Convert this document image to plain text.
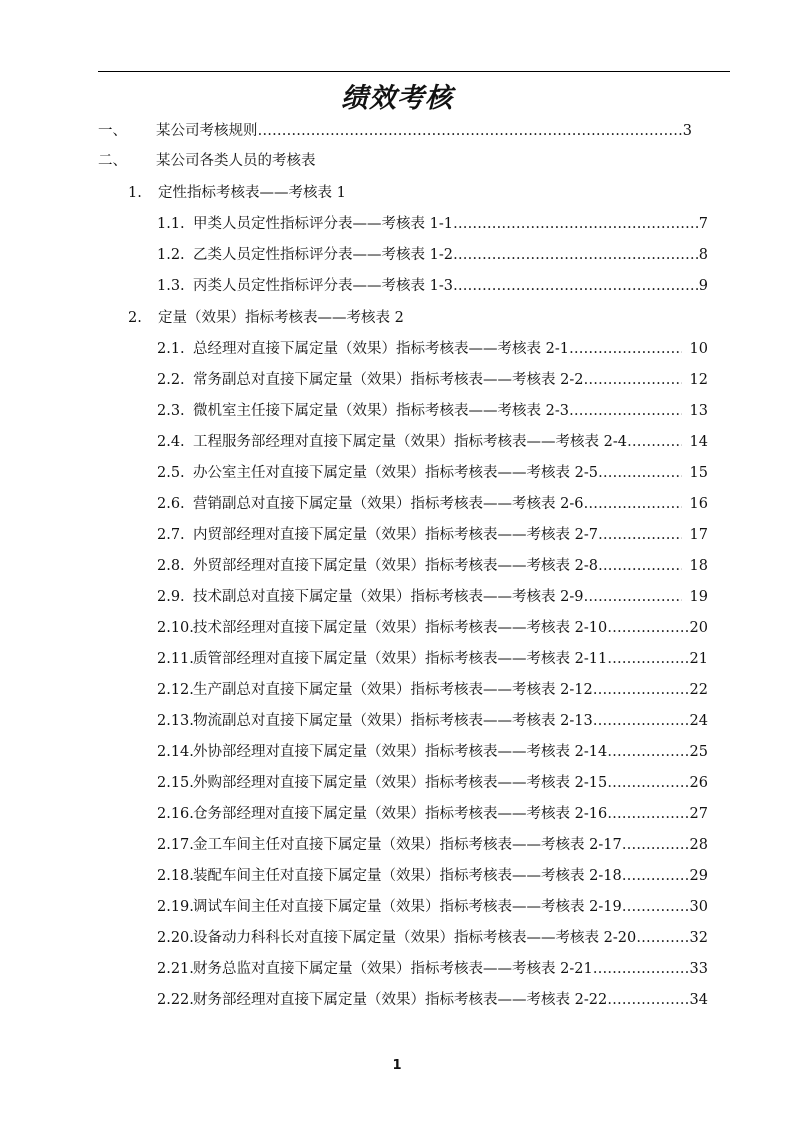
绩效考核
一、	某公司考核规则 …………………………………………………………………………………………………………………………………………………………………………	3
二、	某公司各类人员的考核表
1.	定性指标考核表——考核表 1
1.1. 甲类人员定性指标评分表——考核表 1-1 …………………………………………………………………………………………………………………………………………………………………………	7
1.2. 乙类人员定性指标评分表——考核表 1-2 …………………………………………………………………………………………………………………………………………………………………………	8
1.3. 丙类人员定性指标评分表——考核表 1-3 …………………………………………………………………………………………………………………………………………………………………………	9
2.	定量（效果）指标考核表——考核表 2
2.1. 总经理对直接下属定量（效果）指标考核表——考核表 2-1 …………………………………………………………………………………………………………………………………………………………………………	10
2.2. 常务副总对直接下属定量（效果）指标考核表——考核表 2-2 …………………………………………………………………………………………………………………………………………………………………………	12
2.3. 微机室主任接下属定量（效果）指标考核表——考核表 2-3 …………………………………………………………………………………………………………………………………………………………………………	13
2.4. 工程服务部经理对直接下属定量（效果）指标考核表——考核表 2-4 …………………………………………………………………………………………………………………………………………………………………………	14
2.5. 办公室主任对直接下属定量（效果）指标考核表——考核表 2-5 …………………………………………………………………………………………………………………………………………………………………………	15
2.6. 营销副总对直接下属定量（效果）指标考核表——考核表 2-6 …………………………………………………………………………………………………………………………………………………………………………	16
2.7. 内贸部经理对直接下属定量（效果）指标考核表——考核表 2-7 …………………………………………………………………………………………………………………………………………………………………………	17
2.8. 外贸部经理对直接下属定量（效果）指标考核表——考核表 2-8 …………………………………………………………………………………………………………………………………………………………………………	18
2.9. 技术副总对直接下属定量（效果）指标考核表——考核表 2-9 …………………………………………………………………………………………………………………………………………………………………………	19
2.10. 技术部经理对直接下属定量（效果）指标考核表——考核表 2-10 …………………………………………………………………………………………………………………………………………………………………………	20
2.11. 质管部经理对直接下属定量（效果）指标考核表——考核表 2-11 …………………………………………………………………………………………………………………………………………………………………………	21
2.12. 生产副总对直接下属定量（效果）指标考核表——考核表 2-12 …………………………………………………………………………………………………………………………………………………………………………	22
2.13. 物流副总对直接下属定量（效果）指标考核表——考核表 2-13 …………………………………………………………………………………………………………………………………………………………………………	24
2.14. 外协部经理对直接下属定量（效果）指标考核表——考核表 2-14 …………………………………………………………………………………………………………………………………………………………………………	25
2.15. 外购部经理对直接下属定量（效果）指标考核表——考核表 2-15 …………………………………………………………………………………………………………………………………………………………………………	26
2.16. 仓务部经理对直接下属定量（效果）指标考核表——考核表 2-16 …………………………………………………………………………………………………………………………………………………………………………	27
2.17. 金工车间主任对直接下属定量（效果）指标考核表——考核表 2-17 …………………………………………………………………………………………………………………………………………………………………………	28
2.18. 装配车间主任对直接下属定量（效果）指标考核表——考核表 2-18 …………………………………………………………………………………………………………………………………………………………………………	29
2.19. 调试车间主任对直接下属定量（效果）指标考核表——考核表 2-19 …………………………………………………………………………………………………………………………………………………………………………	30
2.20. 设备动力科科长对直接下属定量（效果）指标考核表——考核表 2-20 …………………………………………………………………………………………………………………………………………………………………………	32
2.21. 财务总监对直接下属定量（效果）指标考核表——考核表 2-21 …………………………………………………………………………………………………………………………………………………………………………	33
2.22. 财务部经理对直接下属定量（效果）指标考核表——考核表 2-22 …………………………………………………………………………………………………………………………………………………………………………	34
1
